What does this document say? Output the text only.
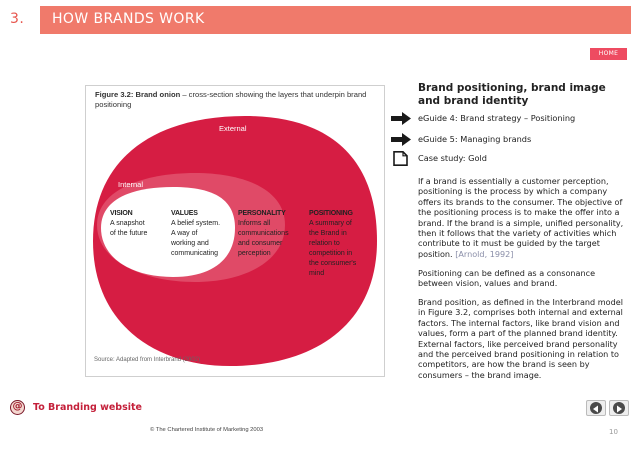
3. HOW BRANDS WORK
HOME
External
Internal
VISION
A snapshot
of the future
VALUES
A belief system.
A way of
working and
communicating
PERSONALITY
Informs all
communications
and consumer
perception
POSITIONING
A summary of
the Brand in
relation to
competition in
the consumer's
mind
Figure 3.2: Brand onion – cross-section showing the layers that underpin brand positioning
Source: Adapted from Interbrand (2002)
Brand positioning, brand image and brand identity
eGuide 4: Brand strategy – Positioning
eGuide 5: Managing brands
Case study: Gold
If a brand is essentially a customer perception, positioning is the process by which a company offers its brands to the consumer. The objective of the positioning process is to make the offer into a brand. If the brand is a simple, unified personality, then it follows that the variety of activities which contribute to it must be guided by the target position. [Arnold, 1992]
Positioning can be defined as a consonance between vision, values and brand.
Brand position, as defined in the Interbrand model in Figure 3.2, comprises both internal and external factors. The internal factors, like brand vision and values, form a part of the planned brand identity. External factors, like perceived brand personality and the perceived brand positioning in relation to competitors, are how the brand is seen by consumers – the brand image.
@ To Branding website
© The Chartered Institute of Marketing 2003	10
